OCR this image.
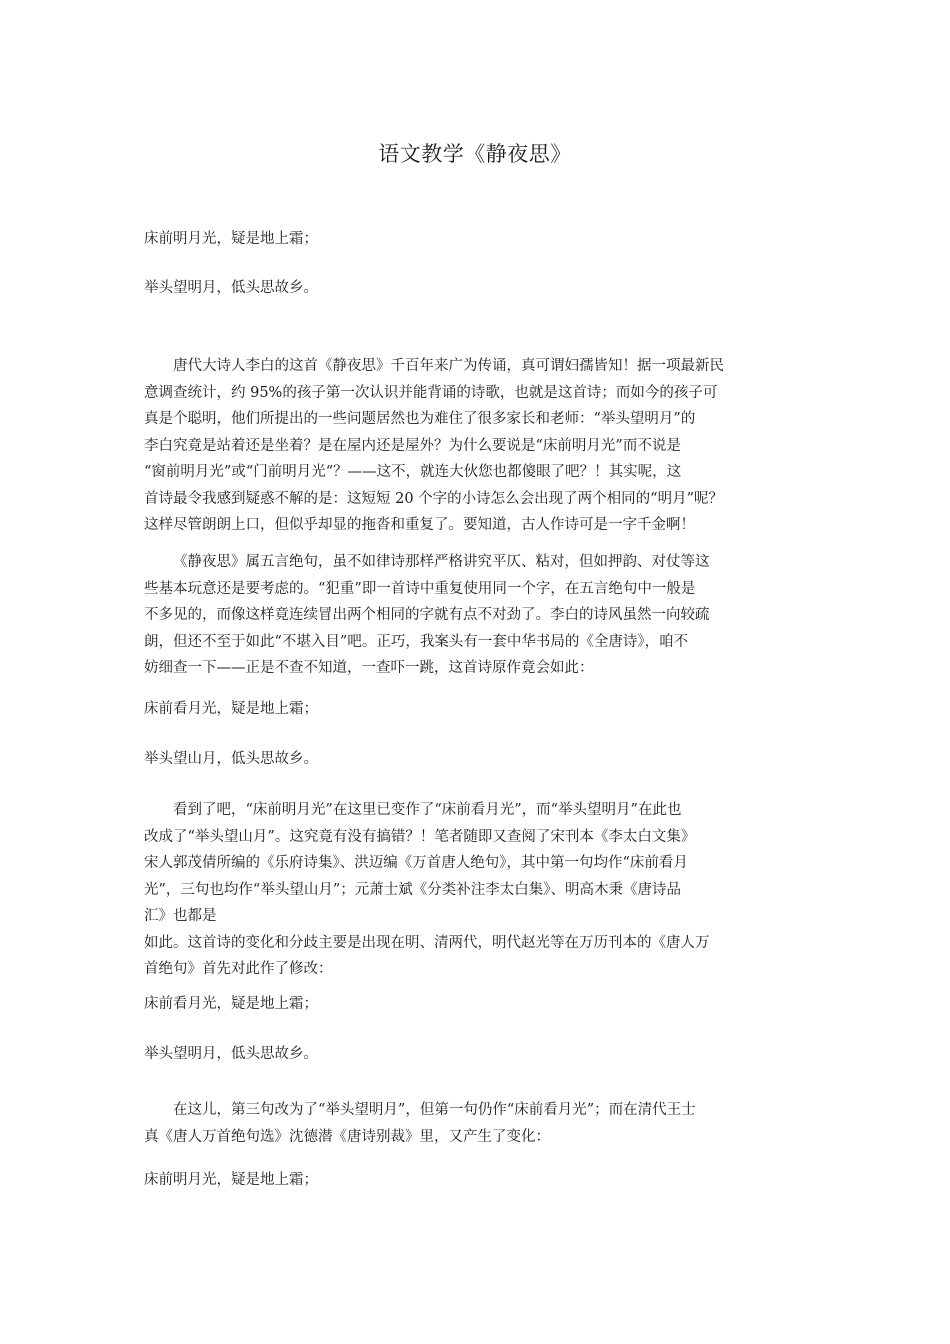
语文教学《静夜思》
床前明月光，疑是地上霜；
举头望明月，低头思故乡。
唐代大诗人李白的这首《静夜思》千百年来广为传诵，真可谓妇孺皆知！据一项最新民
意调查统计，约 95%的孩子第一次认识并能背诵的诗歌，也就是这首诗；而如今的孩子可
真是个聪明，他们所提出的一些问题居然也为难住了很多家长和老师：“举头望明月”的
李白究竟是站着还是坐着？是在屋内还是屋外？为什么要说是“床前明月光”而不说是
“窗前明月光”或“门前明月光“？——这不，就连大伙您也都傻眼了吧？！其实呢，这
首诗最令我感到疑惑不解的是：这短短 20 个字的小诗怎么会出现了两个相同的“明月”呢？
这样尽管朗朗上口，但似乎却显的拖沓和重复了。要知道，古人作诗可是一字千金啊！
《静夜思》属五言绝句，虽不如律诗那样严格讲究平仄、粘对，但如押韵、对仗等这
些基本玩意还是要考虑的。“犯重”即一首诗中重复使用同一个字，在五言绝句中一般是
不多见的，而像这样竟连续冒出两个相同的字就有点不对劲了。李白的诗风虽然一向较疏
朗，但还不至于如此“不堪入目”吧。正巧，我案头有一套中华书局的《全唐诗》，咱不
妨细查一下——正是不查不知道，一查吓一跳，这首诗原作竟会如此：
床前看月光，疑是地上霜；
举头望山月，低头思故乡。
看到了吧，“床前明月光”在这里已变作了“床前看月光”，而“举头望明月”在此也
改成了“举头望山月”。这究竟有没有搞错？！笔者随即又查阅了宋刊本《李太白文集》
宋人郭茂倩所编的《乐府诗集》、洪迈编《万首唐人绝句》，其中第一句均作“床前看月
光”，三句也均作“举头望山月”；元萧士斌《分类补注李太白集》、明高木秉《唐诗品
汇》也都是
如此。这首诗的变化和分歧主要是出现在明、清两代，明代赵光等在万历刊本的《唐人万
首绝句》首先对此作了修改：
床前看月光，疑是地上霜；
举头望明月，低头思故乡。
在这儿，第三句改为了“举头望明月”，但第一句仍作“床前看月光”；而在清代王士
真《唐人万首绝句选》沈德潜《唐诗别裁》里，又产生了变化：
床前明月光，疑是地上霜；
